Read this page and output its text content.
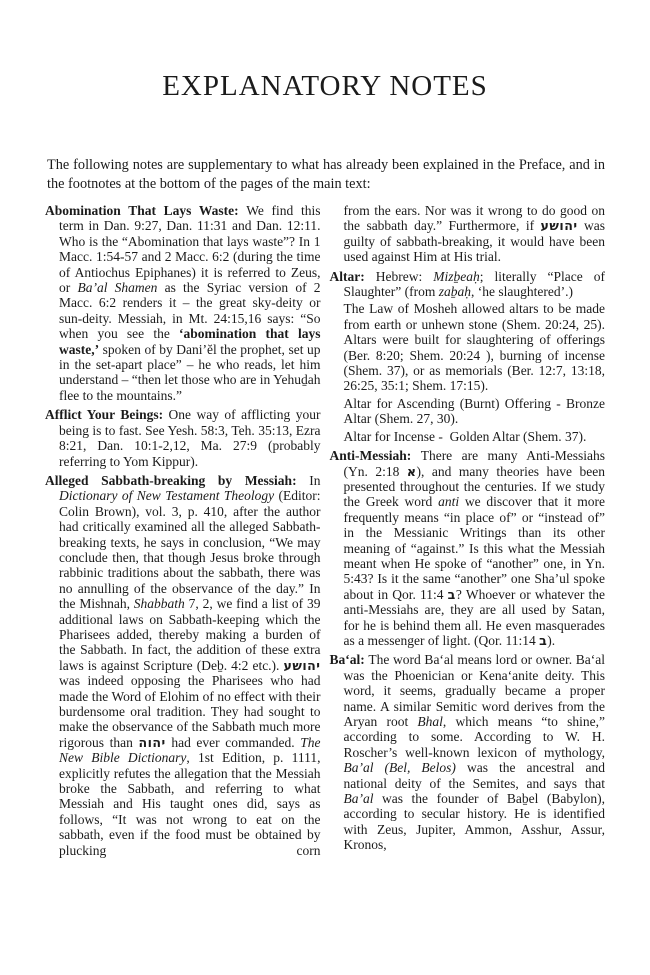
EXPLANATORY NOTES

The following notes are supplementary to what has already been explained in the Preface, and in the footnotes at the bottom of the pages of the main text:

Abomination That Lays Waste: We find this term in Dan. 9:27, Dan. 11:31 and Dan. 12:11. Who is the “Abomination that lays waste”? In 1 Macc. 1:54-57 and 2 Macc. 6:2 (during the time of Antiochus Epiphanes) it is referred to Zeus, or Ba’al Shamen as the Syriac version of 2 Macc. 6:2 renders it – the great sky-deity or sun-deity. Messiah, in Mt. 24:15,16 says: “So when you see the ‘abomination that lays waste,’ spoken of by Dani’ĕl the prophet, set up in the set-apart place” – he who reads, let him understand – “then let those who are in Yehuḏah flee to the mountains.”

Afflict Your Beings: One way of afflicting your being is to fast. See Yesh. 58:3, Teh. 35:13, Ezra 8:21, Dan. 10:1-2,12, Ma. 27:9 (probably referring to Yom Kippur).

Alleged Sabbath-breaking by Messiah: In Dictionary of New Testament Theology (Editor: Colin Brown), vol. 3, p. 410, after the author had critically examined all the alleged Sabbath-breaking texts, he says in conclusion, “We may conclude then, that though Jesus broke through rabbinic traditions about the sabbath, there was no annulling of the observance of the day.” In the Mishnah, Shabbath 7, 2, we find a list of 39 additional laws on Sabbath-keeping which the Pharisees added, thereby making a burden of the Sabbath. In fact, the addition of these extra laws is against Scripture (Deḇ. 4:2 etc.). יהושע was indeed opposing the Pharisees who had made the Word of Elohim of no effect with their burdensome oral tradition. They had sought to make the observance of the Sabbath much more rigorous than יהוה had ever commanded. The New Bible Dictionary, 1st Edition, p. 1111, explicitly refutes the allegation that the Messiah broke the Sabbath, and referring to what Messiah and His taught ones did, says as follows, “It was not wrong to eat on the sabbath, even if the food must be obtained by plucking corn

from the ears. Nor was it wrong to do good on the sabbath day.” Furthermore, if יהושע was guilty of sabbath-breaking, it would have been used against Him at His trial.

Altar: Hebrew: Mizḇeaḥ; literally “Place of Slaughter” (from zaḇaḥ, ‘he slaughtered’.)

The Law of Mosheh allowed altars to be made from earth or unhewn stone (Shem. 20:24, 25). Altars were built for slaughtering of offerings (Ber. 8:20; Shem. 20:24 ), burning of incense (Shem. 37), or as memorials (Ber. 12:7, 13:18, 26:25, 35:1; Shem. 17:15).

Altar for Ascending (Burnt) Offering - Bronze Altar (Shem. 27, 30).

Altar for Incense -  Golden Altar (Shem. 37).

Anti-Messiah: There are many Anti-Messiahs (Yn.	א 2:18), and many theories have been presented throughout the centuries. If we study the Greek word anti we discover that it more frequently means “in place of” or “instead of” in the Messianic Writings than its other meaning of “against.” Is this what the Messiah meant when He spoke of “another” one, in Yn. 5:43? Is it the same “another” one Sha’ul spoke about in Qor. ב 11:4? Whoever or whatever the anti-Messiahs are, they are all used by Satan, for he is behind them all. He even masquerades as a messenger of light. (Qor.	ב 11:14).

Ba‘al: The word Ba‘al means lord or owner. Ba‘al was the Phoenician or Kena‘anite deity. This word, it seems, gradually became a proper name. A similar Semitic word derives from the Aryan root Bhal, which means “to shine,” according to some. According to W. H. Roscher’s well-known lexicon of mythology, Ba’al (Bel, Belos) was the ancestral and national deity of the Semites, and says that Ba’al was the founder of Baḇel (Babylon), according to secular history. He is identified with Zeus, Jupiter, Ammon, Asshur, Assur, Kronos,
